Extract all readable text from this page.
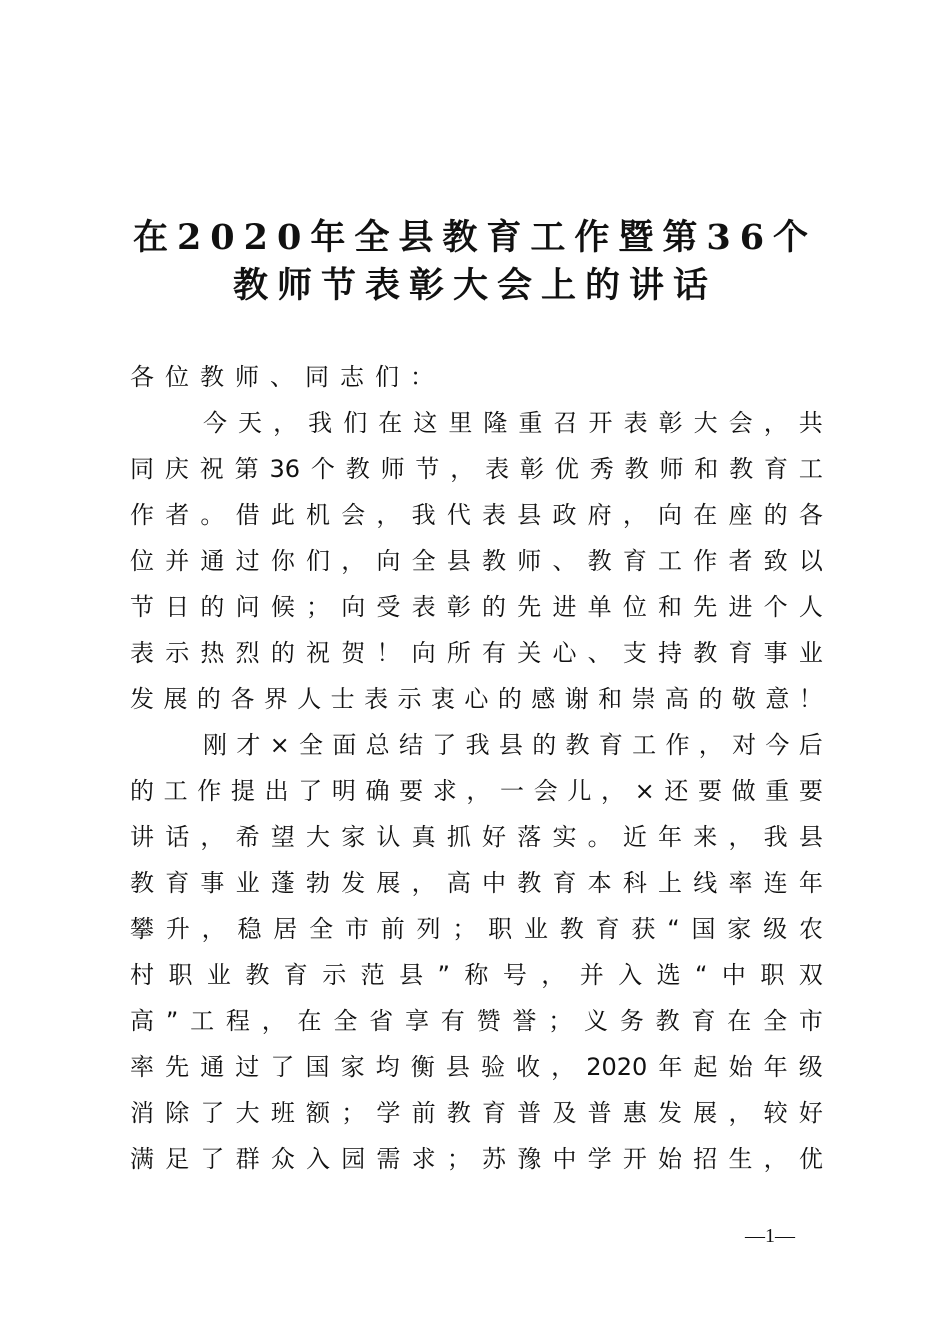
在2020年全县教育工作暨第36个
教师节表彰大会上的讲话
各 位 教 师 、 同 志 们 ：
今 天 ， 我 们 在 这 里 隆 重 召 开 表 彰 大 会 ， 共
同 庆 祝 第 36 个 教 师 节 ， 表 彰 优 秀 教 师 和 教 育 工
作 者 。 借 此 机 会 ， 我 代 表 县 政 府 ， 向 在 座 的 各
位 并 通 过 你 们 ， 向 全 县 教 师 、 教 育 工 作 者 致 以
节 日 的 问 候 ； 向 受 表 彰 的 先 进 单 位 和 先 进 个 人
表 示 热 烈 的 祝 贺 ！ 向 所 有 关 心 、 支 持 教 育 事 业
发 展 的 各 界 人 士 表 示 衷 心 的 感 谢 和 崇 高 的 敬 意 ！
刚 才 × 全 面 总 结 了 我 县 的 教 育 工 作 ， 对 今 后
的 工 作 提 出 了 明 确 要 求 ， 一 会 儿 ， × 还 要 做 重 要
讲 话 ， 希 望 大 家 认 真 抓 好 落 实 。 近 年 来 ， 我 县
教 育 事 业 蓬 勃 发 展 ， 高 中 教 育 本 科 上 线 率 连 年
攀 升 ， 稳 居 全 市 前 列 ； 职 业 教 育 获 “ 国 家 级 农
村 职 业 教 育 示 范 县 ” 称 号 ， 并 入 选 “ 中 职 双
高 ” 工 程 ， 在 全 省 享 有 赞 誉 ； 义 务 教 育 在 全 市
率 先 通 过 了 国 家 均 衡 县 验 收 ， 2020 年 起 始 年 级
消 除 了 大 班 额 ； 学 前 教 育 普 及 普 惠 发 展 ， 较 好
满 足 了 群 众 入 园 需 求 ； 苏 豫 中 学 开 始 招 生 ， 优
—1—
